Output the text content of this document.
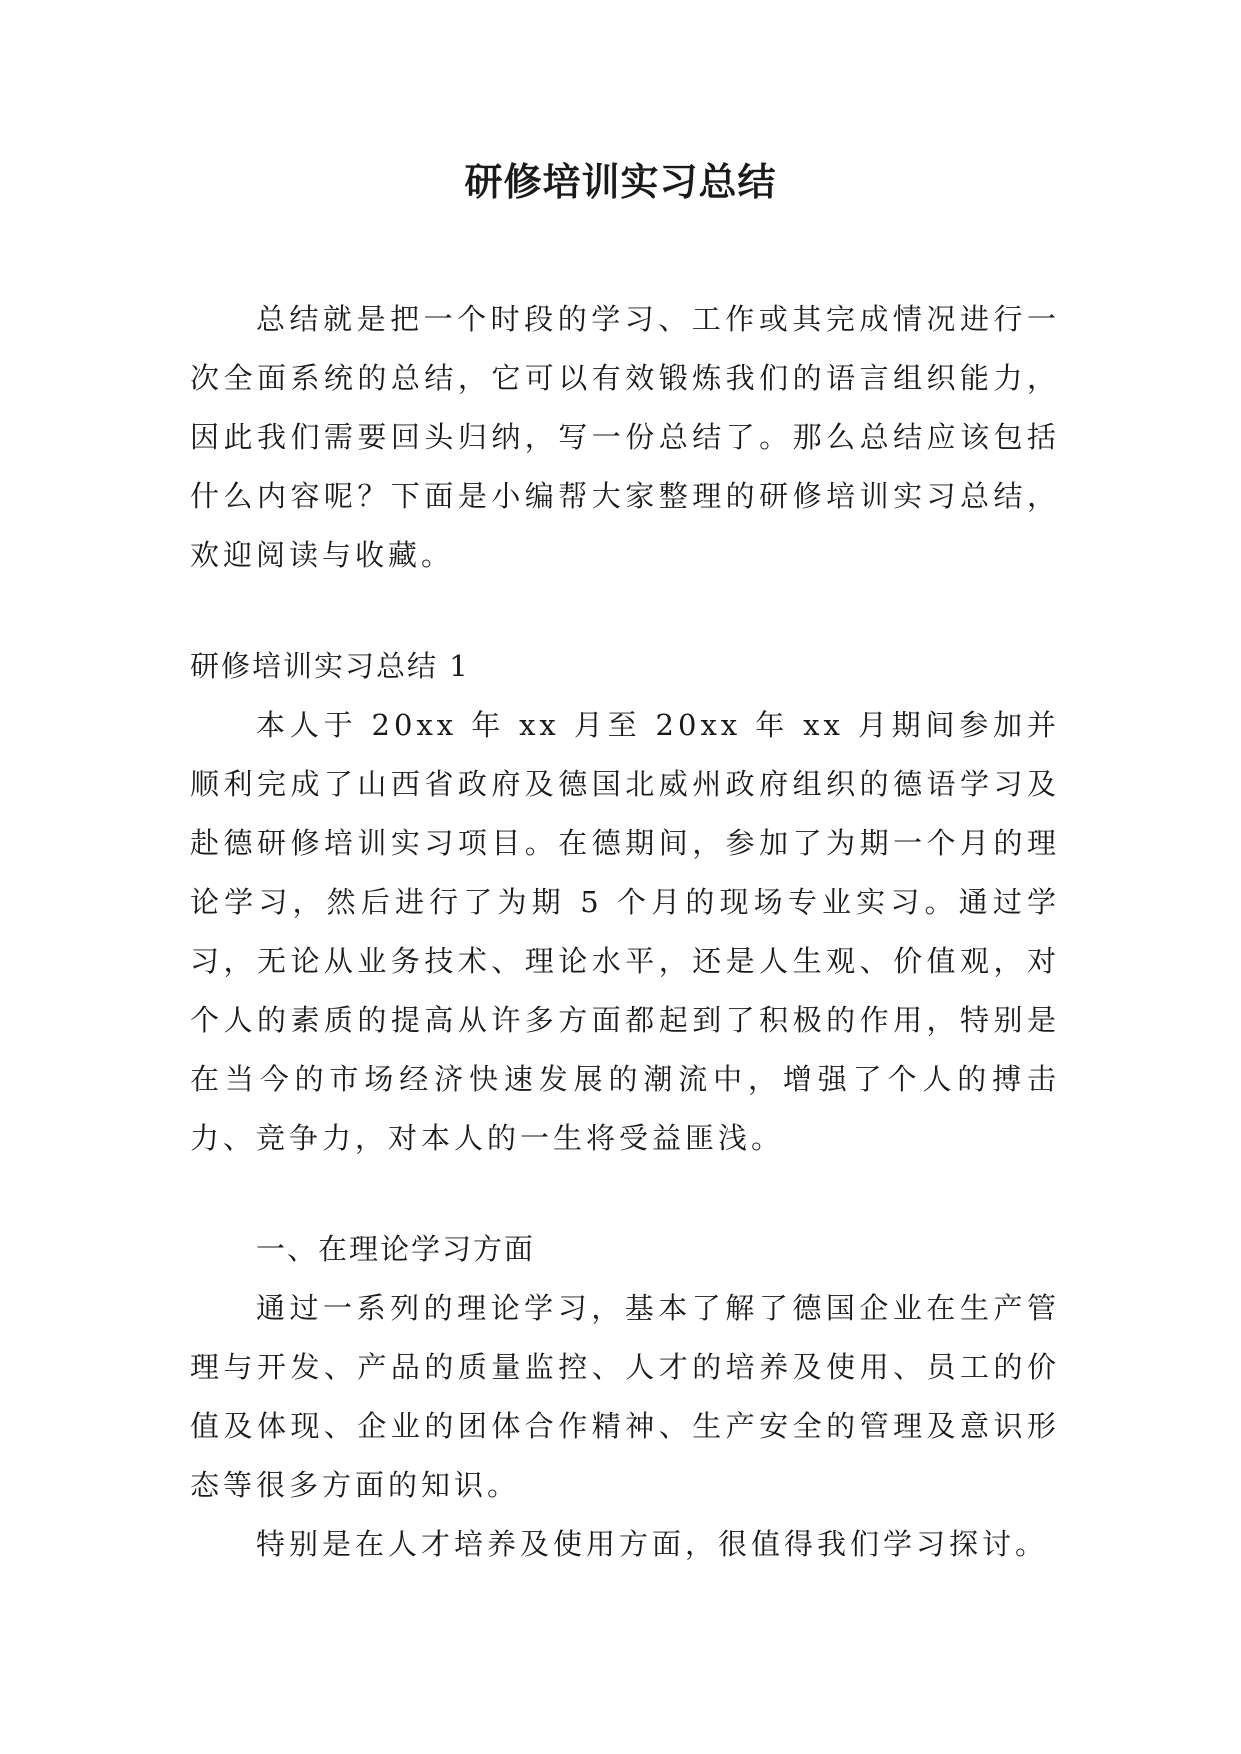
研修培训实习总结

总结就是把一个时段的学习、工作或其完成情况进行一次全面系统的总结，它可以有效锻炼我们的语言组织能力，因此我们需要回头归纳，写一份总结了。那么总结应该包括什么内容呢？下面是小编帮大家整理的研修培训实习总结，欢迎阅读与收藏。

研修培训实习总结 1

本人于 20xx 年 xx 月至 20xx 年 xx 月期间参加并顺利完成了山西省政府及德国北威州政府组织的德语学习及赴德研修培训实习项目。在德期间，参加了为期一个月的理论学习，然后进行了为期 5 个月的现场专业实习。通过学习，无论从业务技术、理论水平，还是人生观、价值观，对个人的素质的提高从许多方面都起到了积极的作用，特别是在当今的市场经济快速发展的潮流中，增强了个人的搏击力、竞争力，对本人的一生将受益匪浅。

一、在理论学习方面

通过一系列的理论学习，基本了解了德国企业在生产管理与开发、产品的质量监控、人才的培养及使用、员工的价值及体现、企业的团体合作精神、生产安全的管理及意识形态等很多方面的知识。

特别是在人才培养及使用方面，很值得我们学习探讨。
